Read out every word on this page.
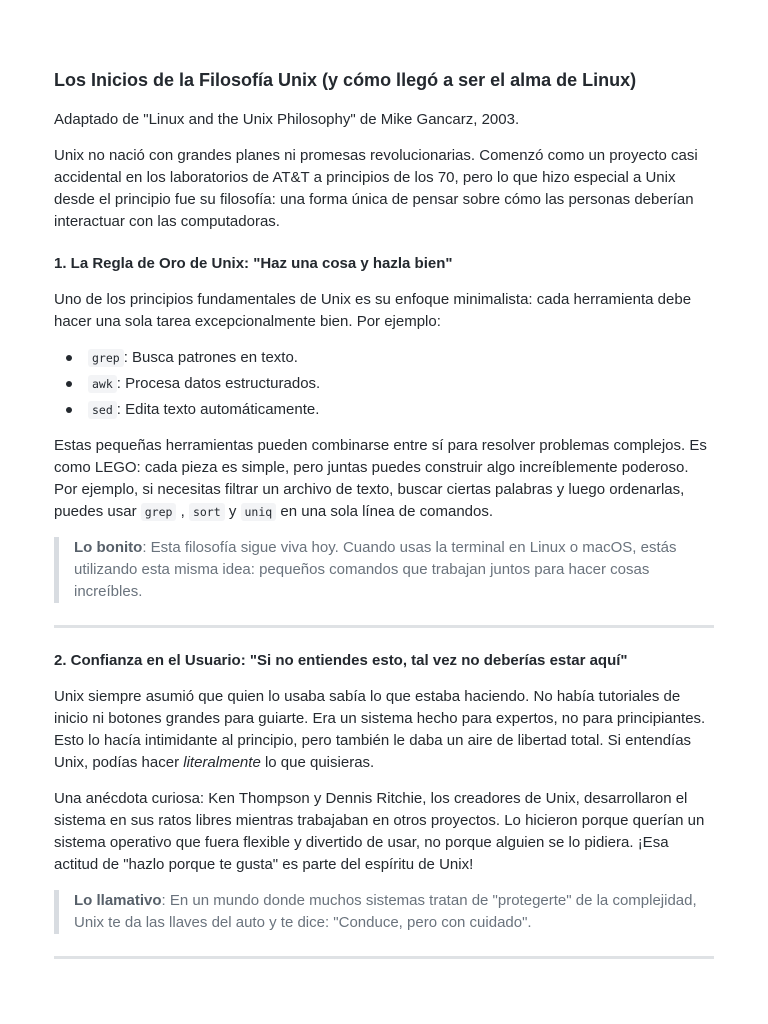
Los Inicios de la Filosofía Unix (y cómo llegó a ser el alma de Linux)

Adaptado de "Linux and the Unix Philosophy" de Mike Gancarz, 2003.

Unix no nació con grandes planes ni promesas revolucionarias. Comenzó como un proyecto casi accidental en los laboratorios de AT&T a principios de los 70, pero lo que hizo especial a Unix desde el principio fue su filosofía: una forma única de pensar sobre cómo las personas deberían interactuar con las computadoras.

1. La Regla de Oro de Unix: "Haz una cosa y hazla bien"

Uno de los principios fundamentales de Unix es su enfoque minimalista: cada herramienta debe hacer una sola tarea excepcionalmente bien. Por ejemplo:

grep : Busca patrones en texto.
awk : Procesa datos estructurados.
sed : Edita texto automáticamente.

Estas pequeñas herramientas pueden combinarse entre sí para resolver problemas complejos. Es como LEGO: cada pieza es simple, pero juntas puedes construir algo increíblemente poderoso. Por ejemplo, si necesitas filtrar un archivo de texto, buscar ciertas palabras y luego ordenarlas, puedes usar grep , sort y uniq en una sola línea de comandos.

Lo bonito: Esta filosofía sigue viva hoy. Cuando usas la terminal en Linux o macOS, estás utilizando esta misma idea: pequeños comandos que trabajan juntos para hacer cosas increíbles.

2. Confianza en el Usuario: "Si no entiendes esto, tal vez no deberías estar aquí"

Unix siempre asumió que quien lo usaba sabía lo que estaba haciendo. No había tutoriales de inicio ni botones grandes para guiarte. Era un sistema hecho para expertos, no para principiantes. Esto lo hacía intimidante al principio, pero también le daba un aire de libertad total. Si entendías Unix, podías hacer literalmente lo que quisieras.

Una anécdota curiosa: Ken Thompson y Dennis Ritchie, los creadores de Unix, desarrollaron el sistema en sus ratos libres mientras trabajaban en otros proyectos. Lo hicieron porque querían un sistema operativo que fuera flexible y divertido de usar, no porque alguien se lo pidiera. ¡Esa actitud de "hazlo porque te gusta" es parte del espíritu de Unix!

Lo llamativo: En un mundo donde muchos sistemas tratan de "protegerte" de la complejidad, Unix te da las llaves del auto y te dice: "Conduce, pero con cuidado".
